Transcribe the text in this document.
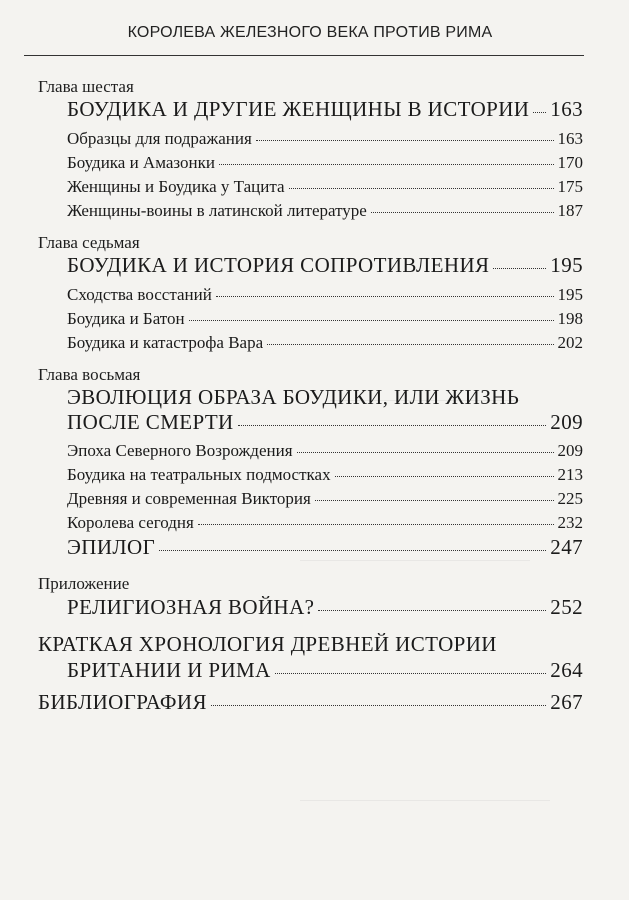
КОРОЛЕВА ЖЕЛЕЗНОГО ВЕКА ПРОТИВ РИМА
Глава шестая
БОУДИКА И ДРУГИЕ ЖЕНЩИНЫ В ИСТОРИИ 163
Образцы для подражания	163
Боудика и Амазонки	170
Женщины и Боудика у Тацита	175
Женщины-воины в латинской литературе	187
Глава седьмая
БОУДИКА И ИСТОРИЯ СОПРОТИВЛЕНИЯ	195
Сходства восстаний	195
Боудика и Батон	198
Боудика и катастрофа Вара	202
Глава восьмая
ЭВОЛЮЦИЯ ОБРАЗА БОУДИКИ, ИЛИ ЖИЗНЬ
ПОСЛЕ СМЕРТИ	209
Эпоха Северного Возрождения	209
Боудика на театральных подмостках	213
Древняя и современная Виктория	225
Королева сегодня	232
ЭПИЛОГ	247
Приложение
РЕЛИГИОЗНАЯ ВОЙНА?	252
КРАТКАЯ ХРОНОЛОГИЯ ДРЕВНЕЙ ИСТОРИИ
БРИТАНИИ И РИМА	264
БИБЛИОГРАФИЯ	267
